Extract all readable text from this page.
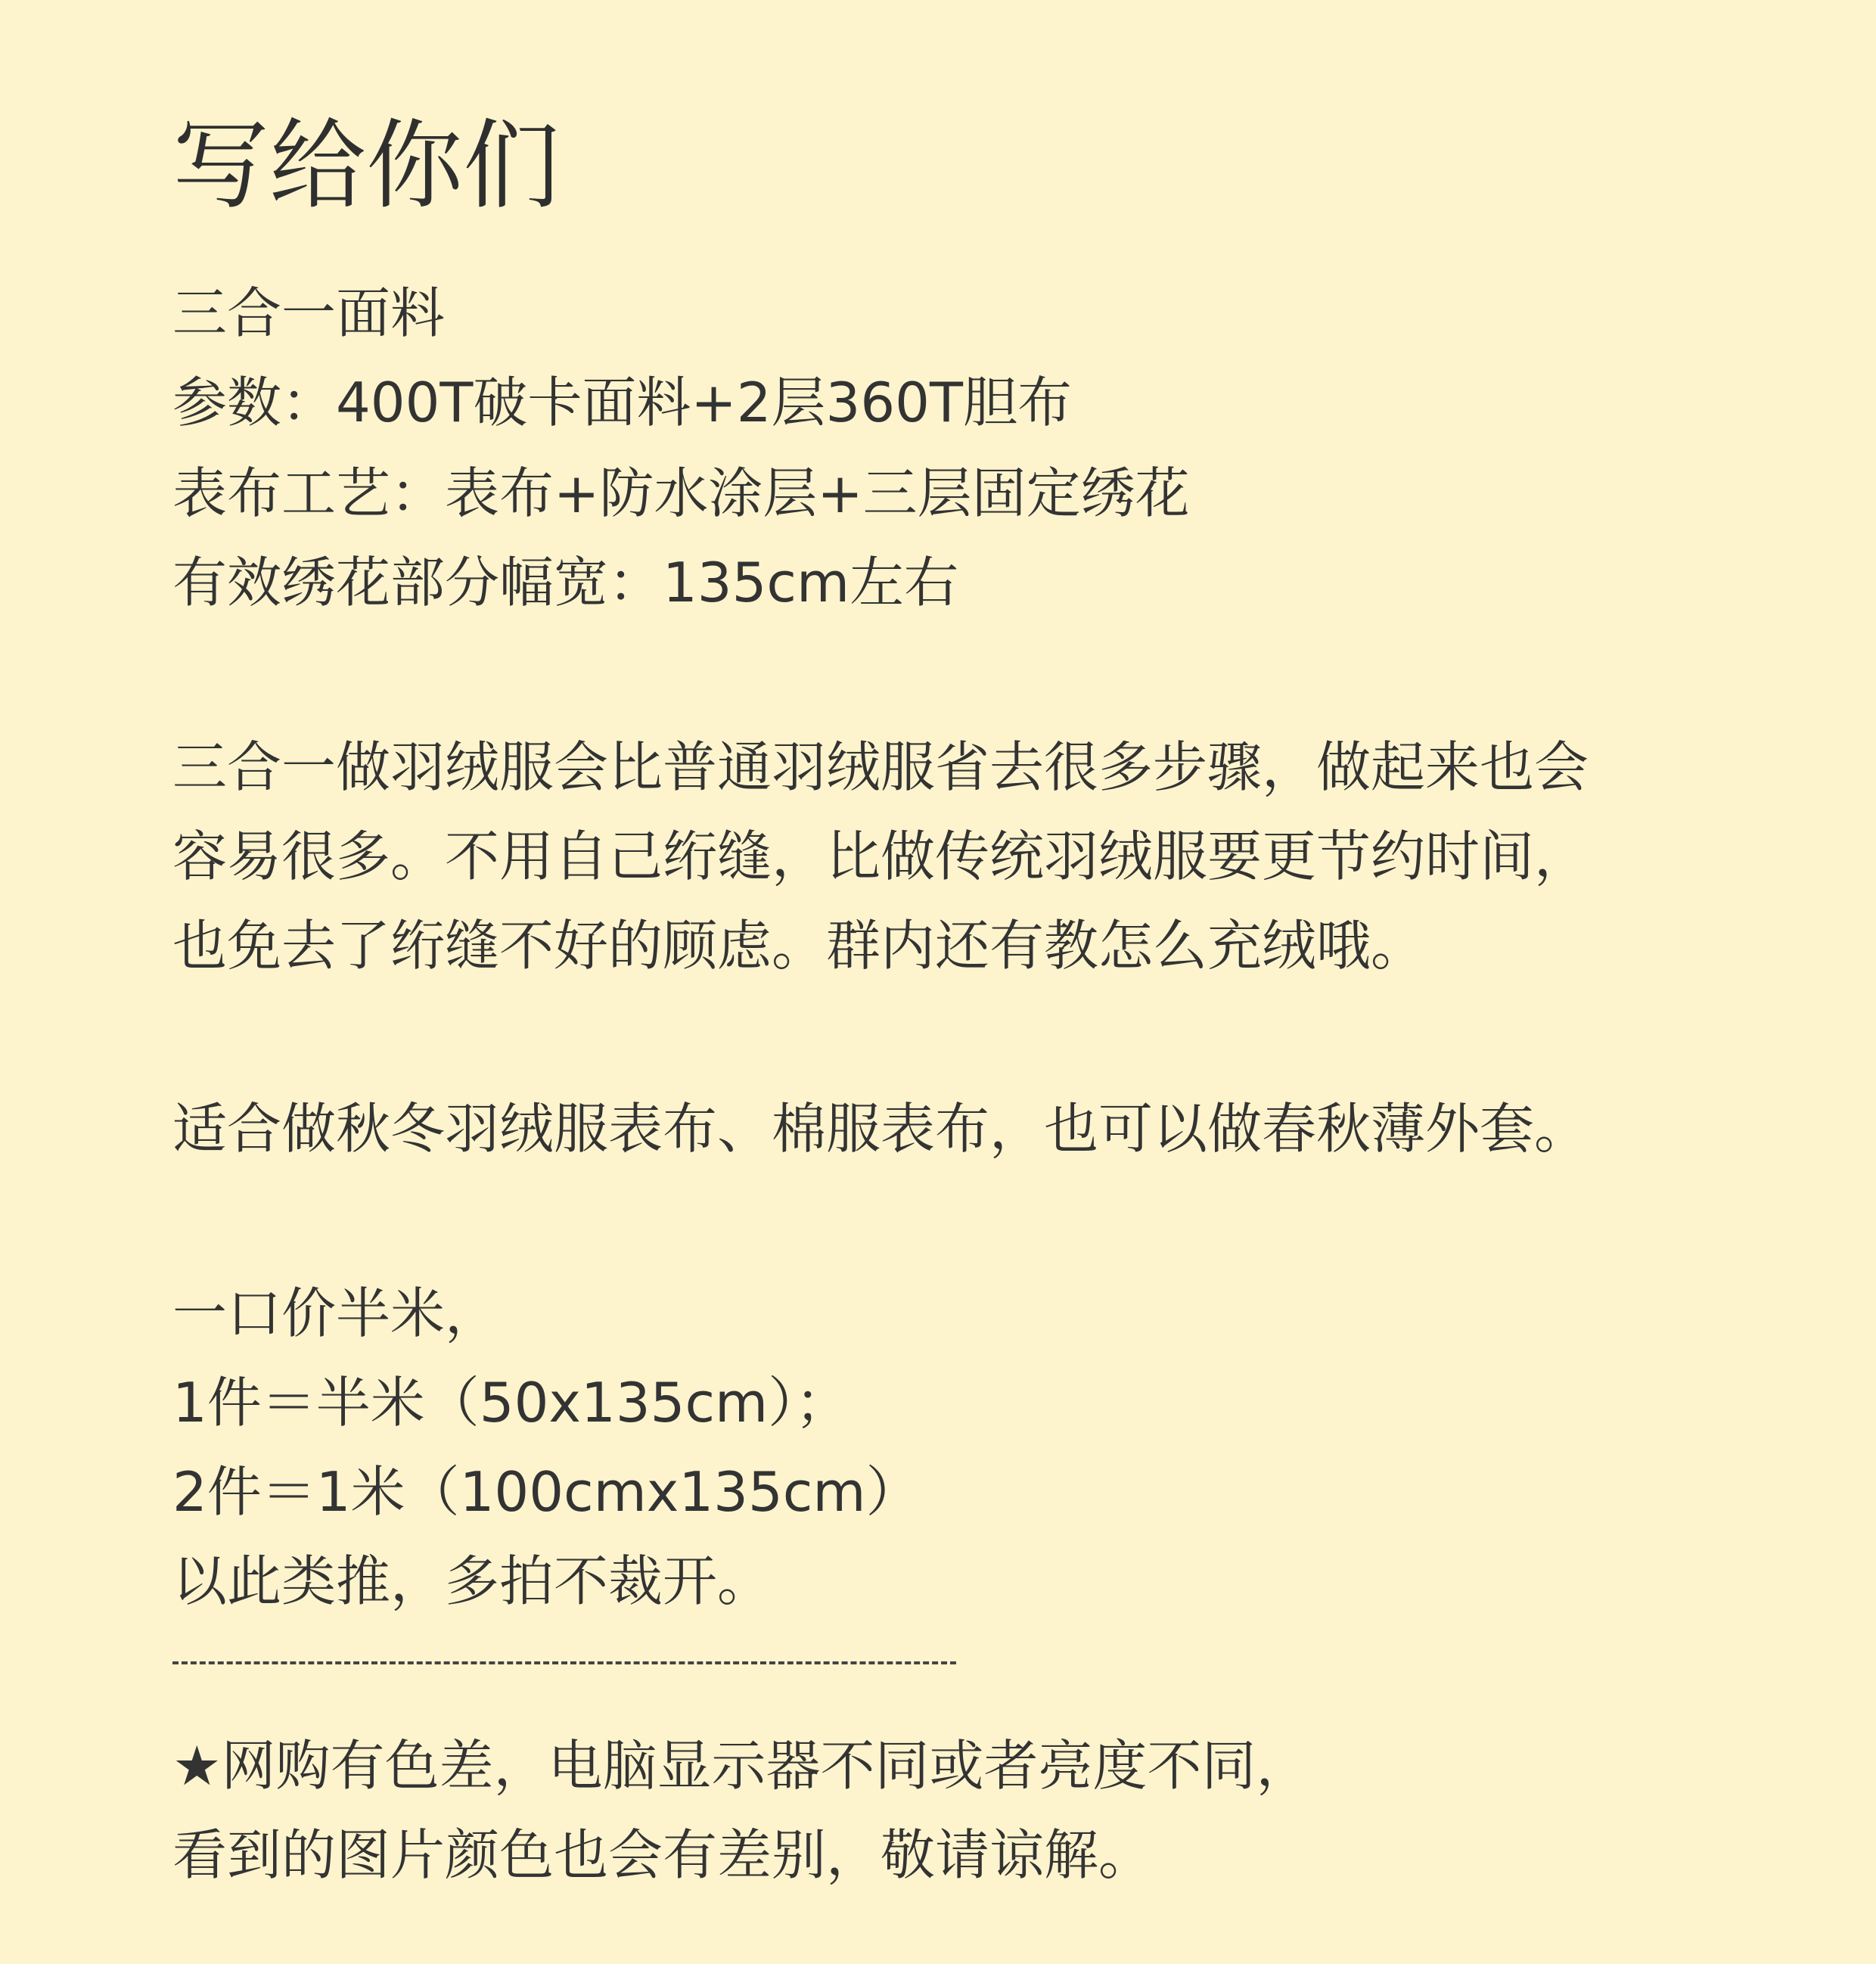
写给你们
三合一面料
参数：400T破卡面料+2层360T胆布
表布工艺：表布+防水涂层+三层固定绣花
有效绣花部分幅宽：135cm左右
三合一做羽绒服会比普通羽绒服省去很多步骤，做起来也会
容易很多。不用自己绗缝，比做传统羽绒服要更节约时间，
也免去了绗缝不好的顾虑。群内还有教怎么充绒哦。
适合做秋冬羽绒服表布、棉服表布，也可以做春秋薄外套。
一口价半米，
1件＝半米（50x135cm）；
2件＝1米（100cmx135cm）
以此类推，多拍不裁开。
★网购有色差，电脑显示器不同或者亮度不同，
看到的图片颜色也会有差别，敬请谅解。
